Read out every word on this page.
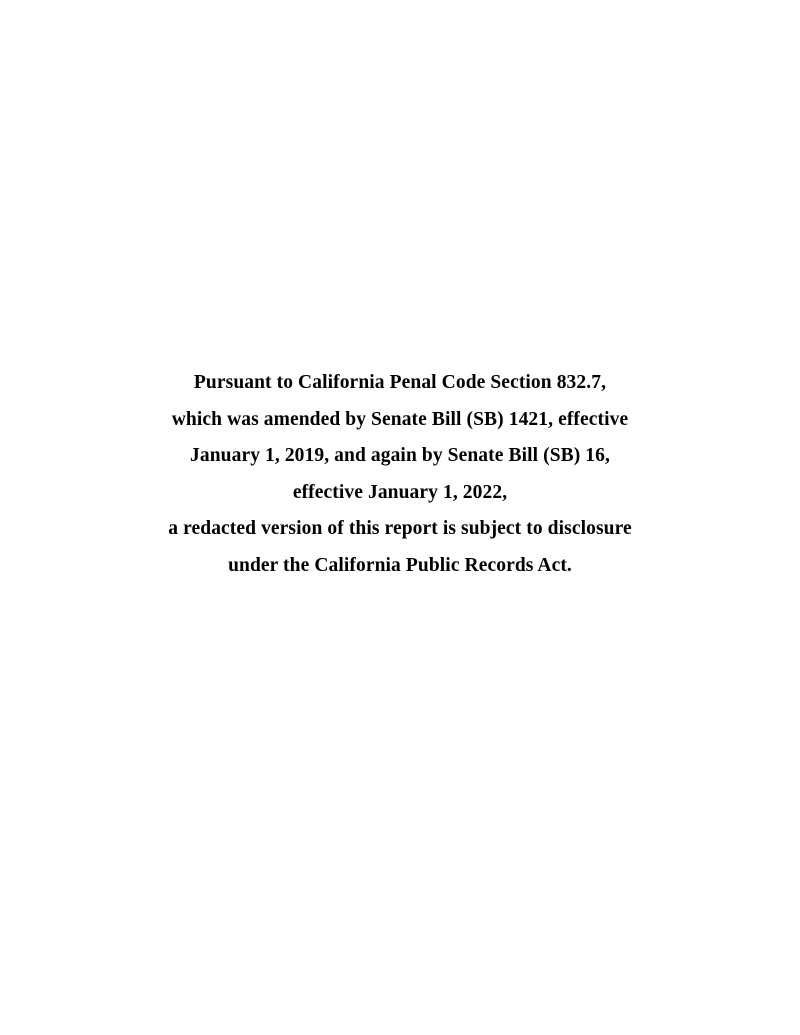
Pursuant to California Penal Code Section 832.7,
which was amended by Senate Bill (SB) 1421, effective
January 1, 2019, and again by Senate Bill (SB) 16,
effective January 1, 2022,
a redacted version of this report is subject to disclosure
under the California Public Records Act.
